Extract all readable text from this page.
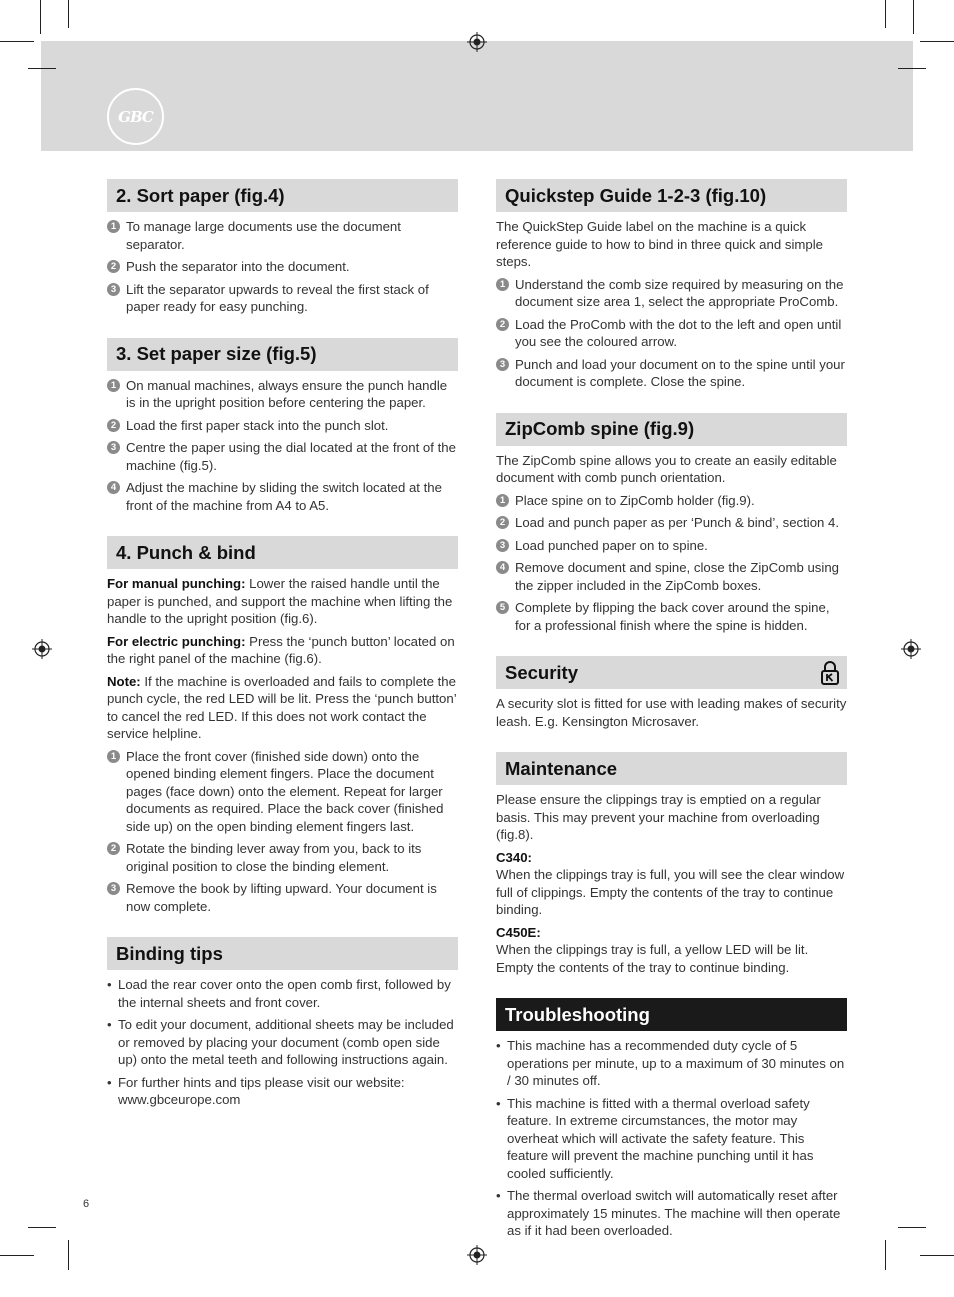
GBC
2. Sort paper (fig.4)
1 To manage large documents use the document separator.
2 Push the separator into the document.
3 Lift the separator upwards to reveal the first stack of paper ready for easy punching.
3. Set paper size (fig.5)
1 On manual machines, always ensure the punch handle is in the upright position before centering the paper.
2 Load the first paper stack into the punch slot.
3 Centre the paper using the dial located at the front of the machine (fig.5).
4 Adjust the machine by sliding the switch located at the front of the machine from A4 to A5.
4. Punch & bind

For manual punching: Lower the raised handle until the paper is punched, and support the machine when lifting the handle to the upright position (fig.6).

For electric punching: Press the ‘punch button’ located on the right panel of the machine (fig.6).

Note: If the machine is overloaded and fails to complete the punch cycle, the red LED will be lit. Press the ‘punch button’ to cancel the red LED. If this does not work contact the service helpline.

1 Place the front cover (finished side down) onto the opened binding element fingers. Place the document pages (face down) onto the element. Repeat for larger documents as required. Place the back cover (finished side up) on the open binding element fingers last.
2 Rotate the binding lever away from you, back to its original position to close the binding element.
3 Remove the book by lifting upward. Your document is now complete.
Binding tips
• Load the rear cover onto the open comb first, followed by the internal sheets and front cover.
• To edit your document, additional sheets may be included or removed by placing your document (comb open side up) onto the metal teeth and following instructions again.
• For further hints and tips please visit our website: www.gbceurope.com
Quickstep Guide 1-2-3 (fig.10)

The QuickStep Guide label on the machine is a quick reference guide to how to bind in three quick and simple steps.

1 Understand the comb size required by measuring on the document size area 1, select the appropriate ProComb.
2 Load the ProComb with the dot to the left and open until you see the coloured arrow.
3 Punch and load your document on to the spine until your document is complete. Close the spine.
ZipComb spine (fig.9)

The ZipComb spine allows you to create an easily editable document with comb punch orientation.

1 Place spine on to ZipComb holder (fig.9).
2 Load and punch paper as per ‘Punch & bind’, section 4.
3 Load punched paper on to spine.
4 Remove document and spine, close the ZipComb using the zipper included in the ZipComb boxes.
5 Complete by flipping the back cover around the spine, for a professional finish where the spine is hidden.
Security

A security slot is fitted for use with leading makes of security leash. E.g. Kensington Microsaver.

Maintenance

Please ensure the clippings tray is emptied on a regular basis. This may prevent your machine from overloading (fig.8).

C340:
When the clippings tray is full, you will see the clear window full of clippings. Empty the contents of the tray to continue binding.

C450E:
When the clippings tray is full, a yellow LED will be lit. Empty the contents of the tray to continue binding.

Troubleshooting
• This machine has a recommended duty cycle of 5 operations per minute, up to a maximum of 30 minutes on / 30 minutes off.
• This machine is fitted with a thermal overload safety feature. In extreme circumstances, the motor may overheat which will activate the safety feature. This feature will prevent the machine punching until it has cooled sufficiently.
• The thermal overload switch will automatically reset after approximately 15 minutes. The machine will then operate as if it had been overloaded.
6
